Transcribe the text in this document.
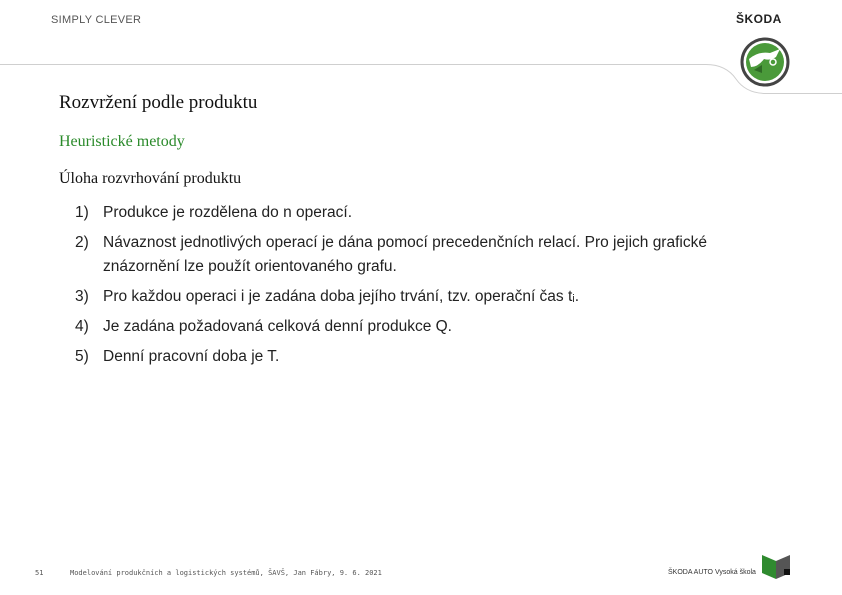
SIMPLY CLEVER	ŠKODA
Rozvržení podle produktu
Heuristické metody
Úloha rozvrhování produktu
1) Produkce je rozdělena do n operací.
2) Návaznost jednotlivých operací je dána pomocí precedenčních relací. Pro jejich grafické znázornění lze použít orientovaného grafu.
3) Pro každou operaci i je zadána doba jejího trvání, tzv. operační čas tᵢ.
4) Je zadána požadovaná celková denní produkce Q.
5) Denní pracovní doba je T.
51	Modelování produkčních a logistických systémů, ŠAVŠ, Jan Fábry, 9. 6. 2021	ŠKODA AUTO Vysoká škola
